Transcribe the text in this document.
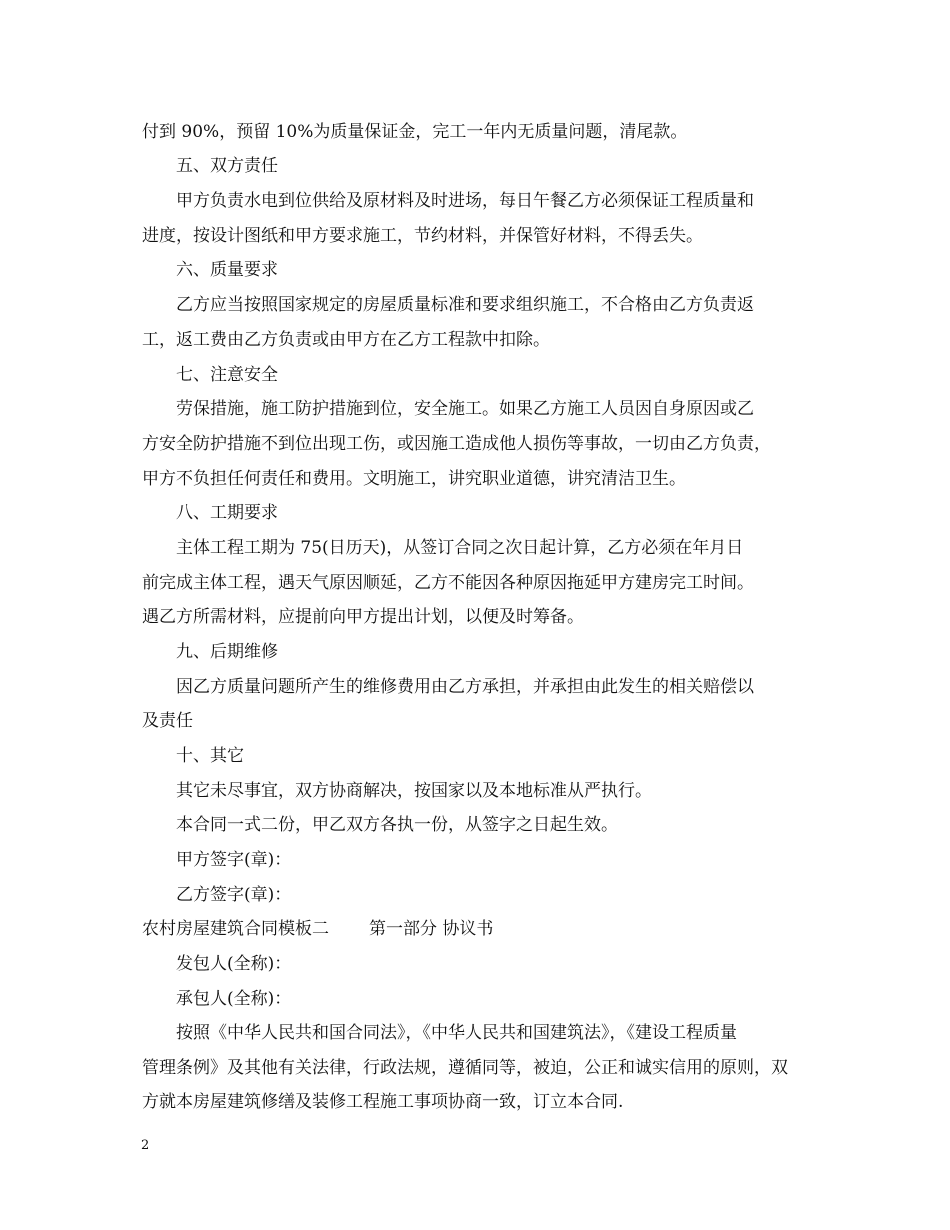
付到 90%，预留 10%为质量保证金，完工一年内无质量问题，清尾款。
五、双方责任
甲方负责水电到位供给及原材料及时进场，每日午餐乙方必须保证工程质量和
进度，按设计图纸和甲方要求施工，节约材料，并保管好材料，不得丢失。
六、质量要求
乙方应当按照国家规定的房屋质量标准和要求组织施工，不合格由乙方负责返
工，返工费由乙方负责或由甲方在乙方工程款中扣除。
七、注意安全
劳保措施，施工防护措施到位，安全施工。如果乙方施工人员因自身原因或乙
方安全防护措施不到位出现工伤，或因施工造成他人损伤等事故，一切由乙方负责，
甲方不负担任何责任和费用。文明施工，讲究职业道德，讲究清洁卫生。
八、工期要求
主体工程工期为 75(日历天)，从签订合同之次日起计算，乙方必须在年月日
前完成主体工程，遇天气原因顺延，乙方不能因各种原因拖延甲方建房完工时间。
遇乙方所需材料，应提前向甲方提出计划，以便及时筹备。
九、后期维修
因乙方质量问题所产生的维修费用由乙方承担，并承担由此发生的相关赔偿以
及责任
十、其它
其它未尽事宜，双方协商解决，按国家以及本地标准从严执行。
本合同一式二份，甲乙双方各执一份，从签字之日起生效。
甲方签字(章)：
乙方签字(章)：
农村房屋建筑合同模板二 第一部分 协议书
发包人(全称)：
承包人(全称)：
按照《中华人民共和国合同法》，《中华人民共和国建筑法》，《建设工程质量
管理条例》及其他有关法律，行政法规，遵循同等，被迫，公正和诚实信用的原则，双
方就本房屋建筑修缮及装修工程施工事项协商一致，订立本合同.
2
